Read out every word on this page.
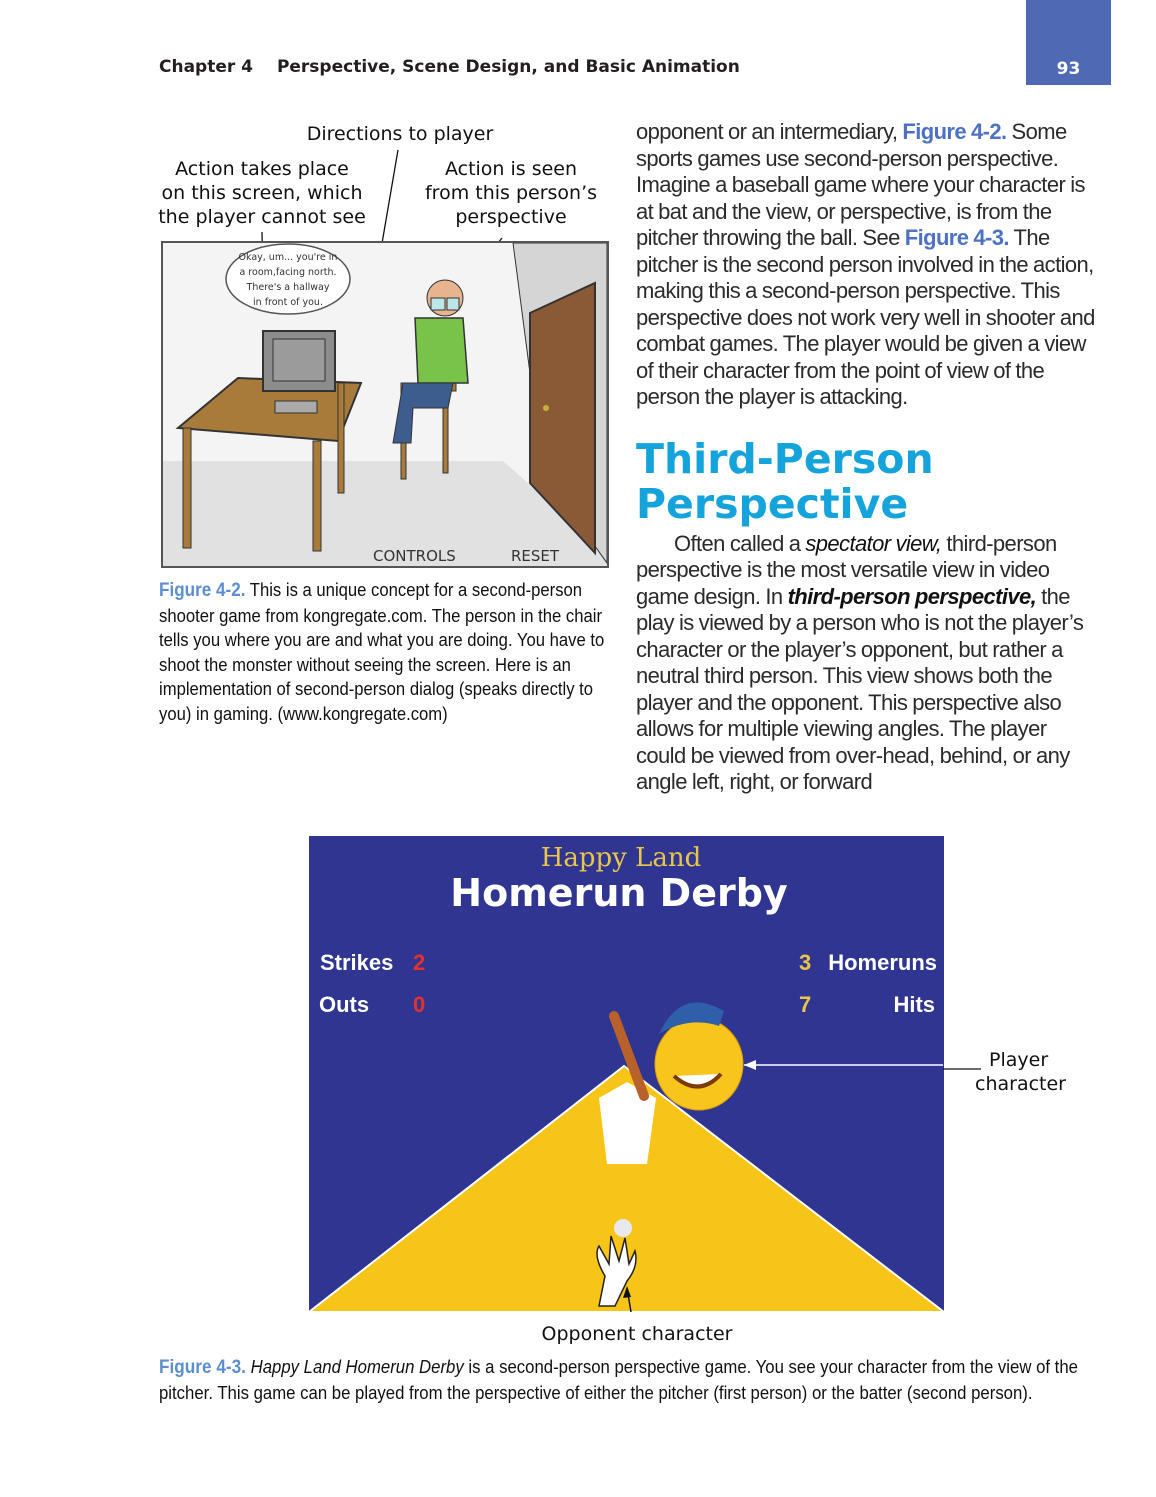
Chapter 4 Perspective, Scene Design, and Basic Animation	93
Directions to player
Action takes place
on this screen, which
the player cannot see
Action is seen
from this person’s
perspective
Okay, um... you're in
a room,facing north.
There's a hallway
in front of you.
CONTROLS	RESET
Figure 4-2. This is a unique concept for a second-person shooter game from kongregate.com. The person in the chair tells you where you are and what you are doing. You have to shoot the monster without seeing the screen. Here is an implementation of second-person dialog (speaks directly to you) in gaming. (www.kongregate.com)
opponent or an intermediary, Figure 4-2. Some sports games use second-person perspective. Imagine a baseball game where your character is at bat and the view, or perspective, is from the pitcher throwing the ball. See Figure 4-3. The pitcher is the second person involved in the action, making this a second-person perspective. This perspective does not work very well in shooter and combat games. The player would be given a view of their character from the point of view of the person the player is attacking.
Third-Person
Perspective
Often called a spectator view, third-person perspective is the most versatile view in video game design. In third-person perspective, the play is viewed by a person who is not the player’s character or the player’s opponent, but rather a neutral third person. This view shows both the player and the opponent. This perspective also allows for multiple viewing angles. The player could be viewed from over-head, behind, or any angle left, right, or forward
Happy Land
Homerun Derby
Strikes 2
Outs 0
3 Homeruns
7	Hits
Player
character
Opponent character
Figure 4-3. Happy Land Homerun Derby is a second-person perspective game. You see your character from the view of the pitcher. This game can be played from the perspective of either the pitcher (first person) or the batter (second person).
